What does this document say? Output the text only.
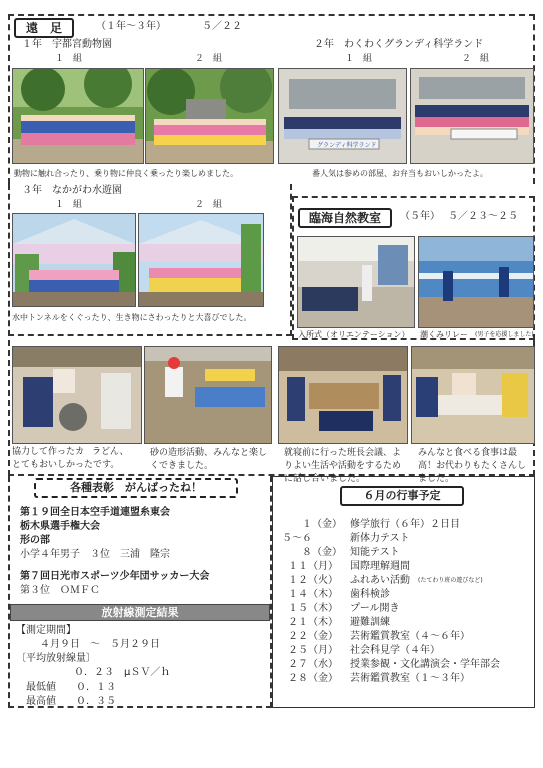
遠　足	（１年～３年）	５／２２
１年　宇都宮動物園
１　組	２　組
動物に触れ合ったり、乗り物に仲良く乗ったり楽しめました。
２年　わくわくグランディ科学ランド
１　組	２　組
グランディ科学ランド
番人気は参めの部屋、お弁当もおいしかったよ。
３年　なかがわ水遊園
１　組	２　組
水中トンネルをくぐったり、生き物にさわったりと大喜びでした。
臨海自然教室	（５年） ５／２３～２５
入所式（オリエンテーション） 潮くみリレー (男子を応援しました)
協力して作ったカ ラどん、
とてもおいしかったです。
砂の造形活動、みんなと楽しくできました。
就寝前に行った班長会議、よりよい生活や活動をするために話し合いました。
みんなと食べる食事は最高！お代わりもたくさんしました。
各種表彰　がんばったね！
第１９回全日本空手道連盟糸東会
栃木県選手権大会
形の部
小学４年男子　３位　三浦　隆宗
第７回日光市スポーツ少年団サッカー大会
第３位　ＯＭＦＣ
放射線測定結果
【測定期間】
４月９日　～　５月２９日
〔平均放射線量〕
０．２３　μＳＶ／ｈ
最低値 ０．１３
最高値 ０．３５
６月の行事予定
１（金） 修学旅行（６年）２日目
５～６	新体力テスト
８（金） 知能テスト
１１（月） 国際理解週間
１２（火） ふれあい活動 (たてわり班の遊びなど)
１４（木） 歯科検診
１５（木） プール開き
２１（木） 避難訓練
２２（金） 芸術鑑賞教室（４～６年）
２５（月） 社会科見学（４年）
２７（水） 授業参観・文化講演会・学年部会
２８（金） 芸術鑑賞教室（１～３年）
